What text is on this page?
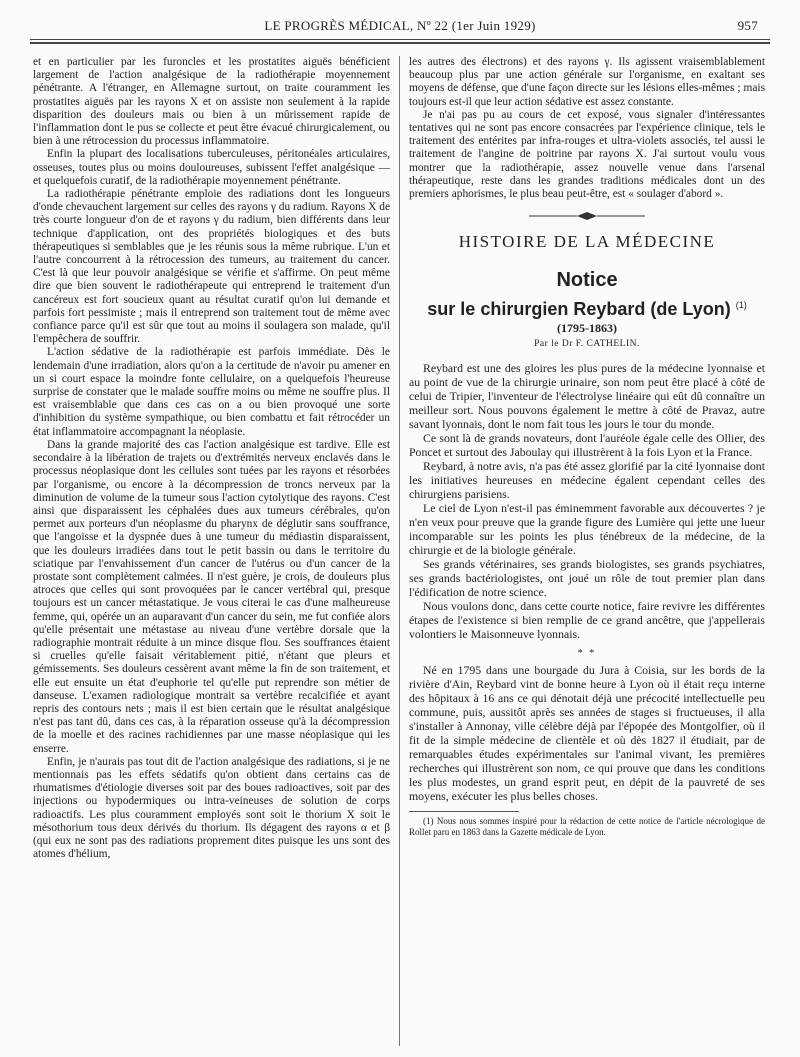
LE PROGRÈS MÉDICAL, Nº 22 (1er Juin 1929)	957

et en particulier par les furoncles et les prostatites aiguës bénéficient largement de l'action analgésique de la radiothérapie moyennement pénétrante. A l'étranger, en Allemagne surtout, on traite couramment les prostatites aiguës par les rayons X et on assiste non seulement à la rapide disparition des douleurs mais ou bien à un mûrissement rapide de l'inflammation dont le pus se collecte et peut être évacué chirurgicalement, ou bien à une rétrocession du processus inflammatoire.

Enfin la plupart des localisations tuberculeuses, péritonéales articulaires, osseuses, toutes plus ou moins douloureuses, subissent l'effet analgésique — et quelquefois curatif, de la radiothérapie moyennement pénétrante.

La radiothérapie pénétrante emploie des radiations dont les longueurs d'onde chevauchent largement sur celles des rayons γ du radium. Rayons X de très courte longueur d'on de et rayons γ du radium, bien différents dans leur technique d'application, ont des propriétés biologiques et des buts thérapeutiques si semblables que je les réunis sous la même rubrique. L'un et l'autre concourrent à la rétrocession des tumeurs, au traitement du cancer. C'est là que leur pouvoir analgésique se vérifie et s'affirme. On peut même dire que bien souvent le radiothérapeute qui entreprend le traitement d'un cancéreux est fort soucieux quant au résultat curatif qu'on lui demande et parfois fort pessimiste ; mais il entreprend son traitement tout de même avec confiance parce qu'il est sûr que tout au moins il soulagera son malade, qu'il l'empêchera de souffrir.

L'action sédative de la radiothérapie est parfois immédiate. Dès le lendemain d'une irradiation, alors qu'on a la certitude de n'avoir pu amener en un si court espace la moindre fonte cellulaire, on a quelquefois l'heureuse surprise de constater que le malade souffre moins ou même ne souffre plus. Il est vraisemblable que dans ces cas on a ou bien provoqué une sorte d'inhibition du système sympathique, ou bien combattu et fait rétrocéder un état inflammatoire accompagnant la néoplasie.

Dans la grande majorité des cas l'action analgésique est tardive. Elle est secondaire à la libération de trajets ou d'extrémités nerveux enclavés dans le processus néoplasique dont les cellules sont tuées par les rayons et résorbées par l'organisme, ou encore à la décompression de troncs nerveux par la diminution de volume de la tumeur sous l'action cytolytique des rayons. C'est ainsi que disparaissent les céphalées dues aux tumeurs cérébrales, qu'on permet aux porteurs d'un néoplasme du pharynx de déglutir sans souffrance, que l'angoisse et la dyspnée dues à une tumeur du médiastin disparaissent, que les douleurs irradiées dans tout le petit bassin ou dans le territoire du sciatique par l'envahissement d'un cancer de l'utérus ou d'un cancer de la prostate sont complètement calmées. Il n'est guère, je crois, de douleurs plus atroces que celles qui sont provoquées par le cancer vertébral qui, presque toujours est un cancer métastatique. Je vous citerai le cas d'une malheureuse femme, qui, opérée un an auparavant d'un cancer du sein, me fut confiée alors qu'elle présentait une métastase au niveau d'une vertèbre dorsale que la radiographie montrait réduite à un mince disque flou. Ses souffrances étaient si cruelles qu'elle faisait véritablement pitié, n'étant que pleurs et gémissements. Ses douleurs cessèrent avant même la fin de son traitement, et elle eut ensuite un état d'euphorie tel qu'elle put reprendre son métier de danseuse. L'examen radiologique montrait sa vertèbre recalcifiée et ayant repris des contours nets ; mais il est bien certain que le résultat analgésique n'est pas tant dû, dans ces cas, à la réparation osseuse qu'à la décompression de la moelle et des racines rachidiennes par une masse néoplasique qui les enserre.

Enfin, je n'aurais pas tout dit de l'action analgésique des radiations, si je ne mentionnais pas les effets sédatifs qu'on obtient dans certains cas de rhumatismes d'étiologie diverses soit par des boues radioactives, soit par des injections ou hypodermiques ou intra-veineuses de solution de corps radioactifs. Les plus couramment employés sont soit le thorium X soit le mésothorium tous deux dérivés du thorium. Ils dégagent des rayons α et β (qui eux ne sont pas des radiations proprement dites puisque les uns sont des atomes d'hélium,

les autres des électrons) et des rayons γ. Ils agissent vraisemblablement beaucoup plus par une action générale sur l'organisme, en exaltant ses moyens de défense, que d'une façon directe sur les lésions elles-mêmes ; mais toujours est-il que leur action sédative est assez constante.

Je n'ai pas pu au cours de cet exposé, vous signaler d'intéressantes tentatives qui ne sont pas encore consacrées par l'expérience clinique, tels le traitement des entérites par infra-rouges et ultra-violets associés, tel aussi le traitement de l'angine de poitrine par rayons X. J'ai surtout voulu vous montrer que la radiothérapie, assez nouvelle venue dans l'arsenal thérapeutique, reste dans les grandes traditions médicales dont un des premiers aphorismes, le plus beau peut-être, est « soulager d'abord ».

HISTOIRE DE LA MÉDECINE
Notice
sur le chirurgien Reybard (de Lyon) $^{(1)}$
(1795-1863)
Par le Dr F. CATHELIN.

Reybard est une des gloires les plus pures de la médecine lyonnaise et au point de vue de la chirurgie urinaire, son nom peut être placé à côté de celui de Tripier, l'inventeur de l'électrolyse linéaire qui eût dû connaître un meilleur sort. Nous pouvons également le mettre à côté de Pravaz, autre savant lyonnais, dont le nom fait tous les jours le tour du monde.

Ce sont là de grands novateurs, dont l'auréole égale celle des Ollier, des Poncet et surtout des Jaboulay qui illustrèrent à la fois Lyon et la France.

Reybard, à notre avis, n'a pas été assez glorifié par la cité lyonnaise dont les initiatives heureuses en médecine égalent cependant celles des chirurgiens parisiens.

Le ciel de Lyon n'est-il pas éminemment favorable aux découvertes ? je n'en veux pour preuve que la grande figure des Lumière qui jette une lueur incomparable sur les points les plus ténébreux de la médecine, de la chirurgie et de la biologie générale.

Ses grands vétérinaires, ses grands biologistes, ses grands psychiatres, ses grands bactériologistes, ont joué un rôle de tout premier plan dans l'édification de notre science.

Nous voulons donc, dans cette courte notice, faire revivre les différentes étapes de l'existence si bien remplie de ce grand ancêtre, que j'appellerais volontiers le Maisonneuve lyonnais.

* *

Né en 1795 dans une bourgade du Jura à Coisia, sur les bords de la rivière d'Ain, Reybard vint de bonne heure à Lyon où il était reçu interne des hôpitaux à 16 ans ce qui dénotait déjà une précocité intellectuelle peu commune, puis, aussitôt après ses années de stages si fructueuses, il alla s'installer à Annonay, ville célèbre déjà par l'épopée des Montgolfier, où il fit de la simple médecine de clientèle et où dès 1827 il étudiait, par de remarquables études expérimentales sur l'animal vivant, les premières recherches qui illustrèrent son nom, ce qui prouve que dans les conditions les plus modestes, un grand esprit peut, en dépit de la pauvreté de ses moyens, exécuter les plus belles choses.

(1) Nous nous sommes inspiré pour la rédaction de cette notice de l'article nécrologique de Rollet paru en 1863 dans la Gazette médicale de Lyon.
